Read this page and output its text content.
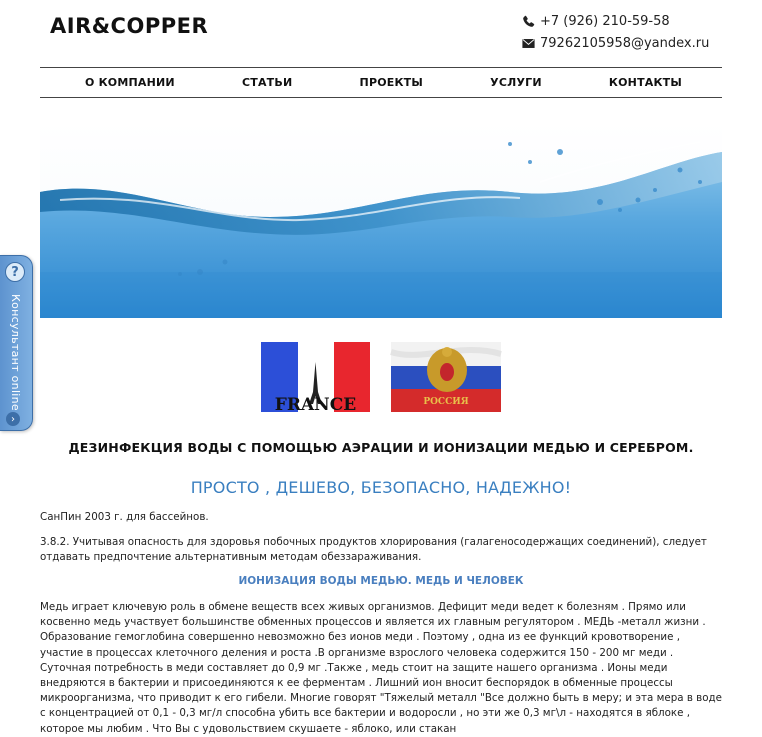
AIR&COPPER	+7 (926) 210-59-58
79262105958@yandex.ru
О КОМПАНИИ	СТАТЬИ	ПРОЕКТЫ	УСЛУГИ	КОНТАКТЫ
FRANCE	РОССИЯ
ДЕЗИНФЕКЦИЯ ВОДЫ С ПОМОЩЬЮ АЭРАЦИИ И ИОНИЗАЦИИ МЕДЬЮ И СЕРЕБРОМ.
ПРОСТО , ДЕШЕВО, БЕЗОПАСНО, НАДЕЖНО!
СанПин 2003 г. для бассейнов.
3.8.2. Учитывая опасность для здоровья побочных продуктов хлорирования (галагеносодержащих соединений), следует отдавать предпочтение альтернативным методам обеззараживания.
ИОНИЗАЦИЯ ВОДЫ МЕДЬЮ. МЕДЬ И ЧЕЛОВЕК
Медь играет ключевую роль в обмене веществ всех живых организмов. Дефицит меди ведет к болезням . Прямо или косвенно медь участвует большинстве обменных процессов и является их главным регулятором . МЕДЬ -металл жизни . Образование гемоглобина совершенно невозможно без ионов меди . Поэтому , одна из ее функций кровотворение , участие в процессах клеточного деления и роста .В организме взрослого человека содержится 150 - 200 мг меди . Суточная потребность в меди составляет до 0,9 мг .Также , медь стоит на защите нашего организма . Ионы меди внедряются в бактерии и присоединяются к ее ферментам . Лишний ион вносит беспорядок в обменные процессы микроорганизма, что приводит к его гибели. Многие говорят "Тяжелый металл "Все должно быть в меру; и эта мера в воде с концентрацией от 0,1 - 0,3 мг/л способна убить все бактерии и водоросли , но эти же 0,3 мг\л - находятся в яблоке , которое мы любим . Что Вы с удовольствием скушаете - яблоко, или стакан
?
Консультант online
›
